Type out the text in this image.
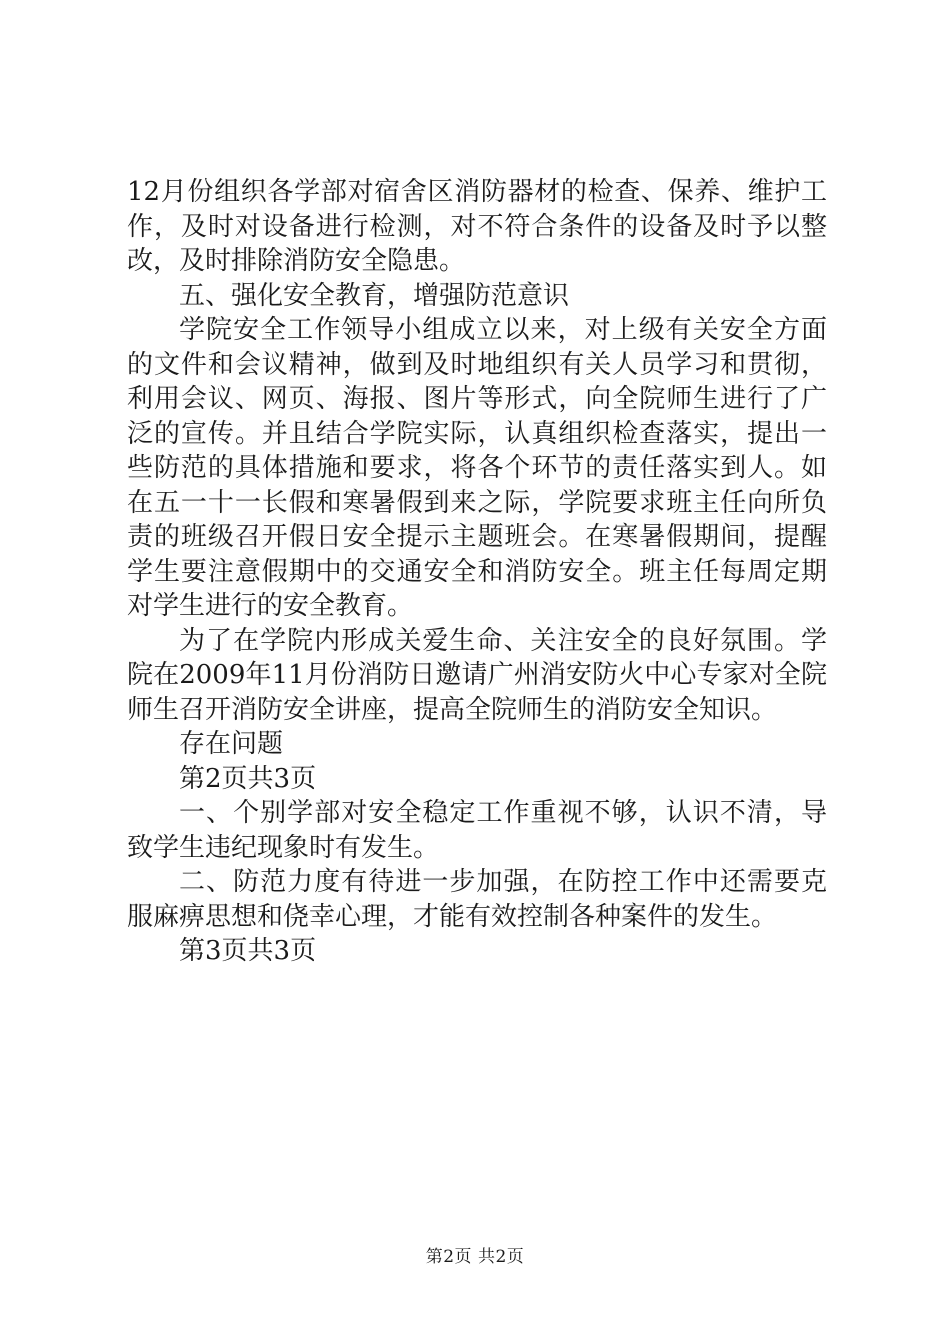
12月份组织各学部对宿舍区消防器材的检查、保养、维护工作，及时对设备进行检测，对不符合条件的设备及时予以整改，及时排除消防安全隐患。

五、强化安全教育，增强防范意识

学院安全工作领导小组成立以来，对上级有关安全方面的文件和会议精神，做到及时地组织有关人员学习和贯彻，利用会议、网页、海报、图片等形式，向全院师生进行了广泛的宣传。并且结合学院实际，认真组织检查落实，提出一些防范的具体措施和要求，将各个环节的责任落实到人。如在五一十一长假和寒暑假到来之际，学院要求班主任向所负责的班级召开假日安全提示主题班会。在寒暑假期间，提醒学生要注意假期中的交通安全和消防安全。班主任每周定期对学生进行的安全教育。

为了在学院内形成关爱生命、关注安全的良好氛围。学院在2009年11月份消防日邀请广州消安防火中心专家对全院师生召开消防安全讲座，提高全院师生的消防安全知识。

存在问题

第2页共3页

一、个别学部对安全稳定工作重视不够，认识不清，导致学生违纪现象时有发生。

二、防范力度有待进一步加强，在防控工作中还需要克服麻痹思想和侥幸心理，才能有效控制各种案件的发生。

第3页共3页

第2页 共2页
